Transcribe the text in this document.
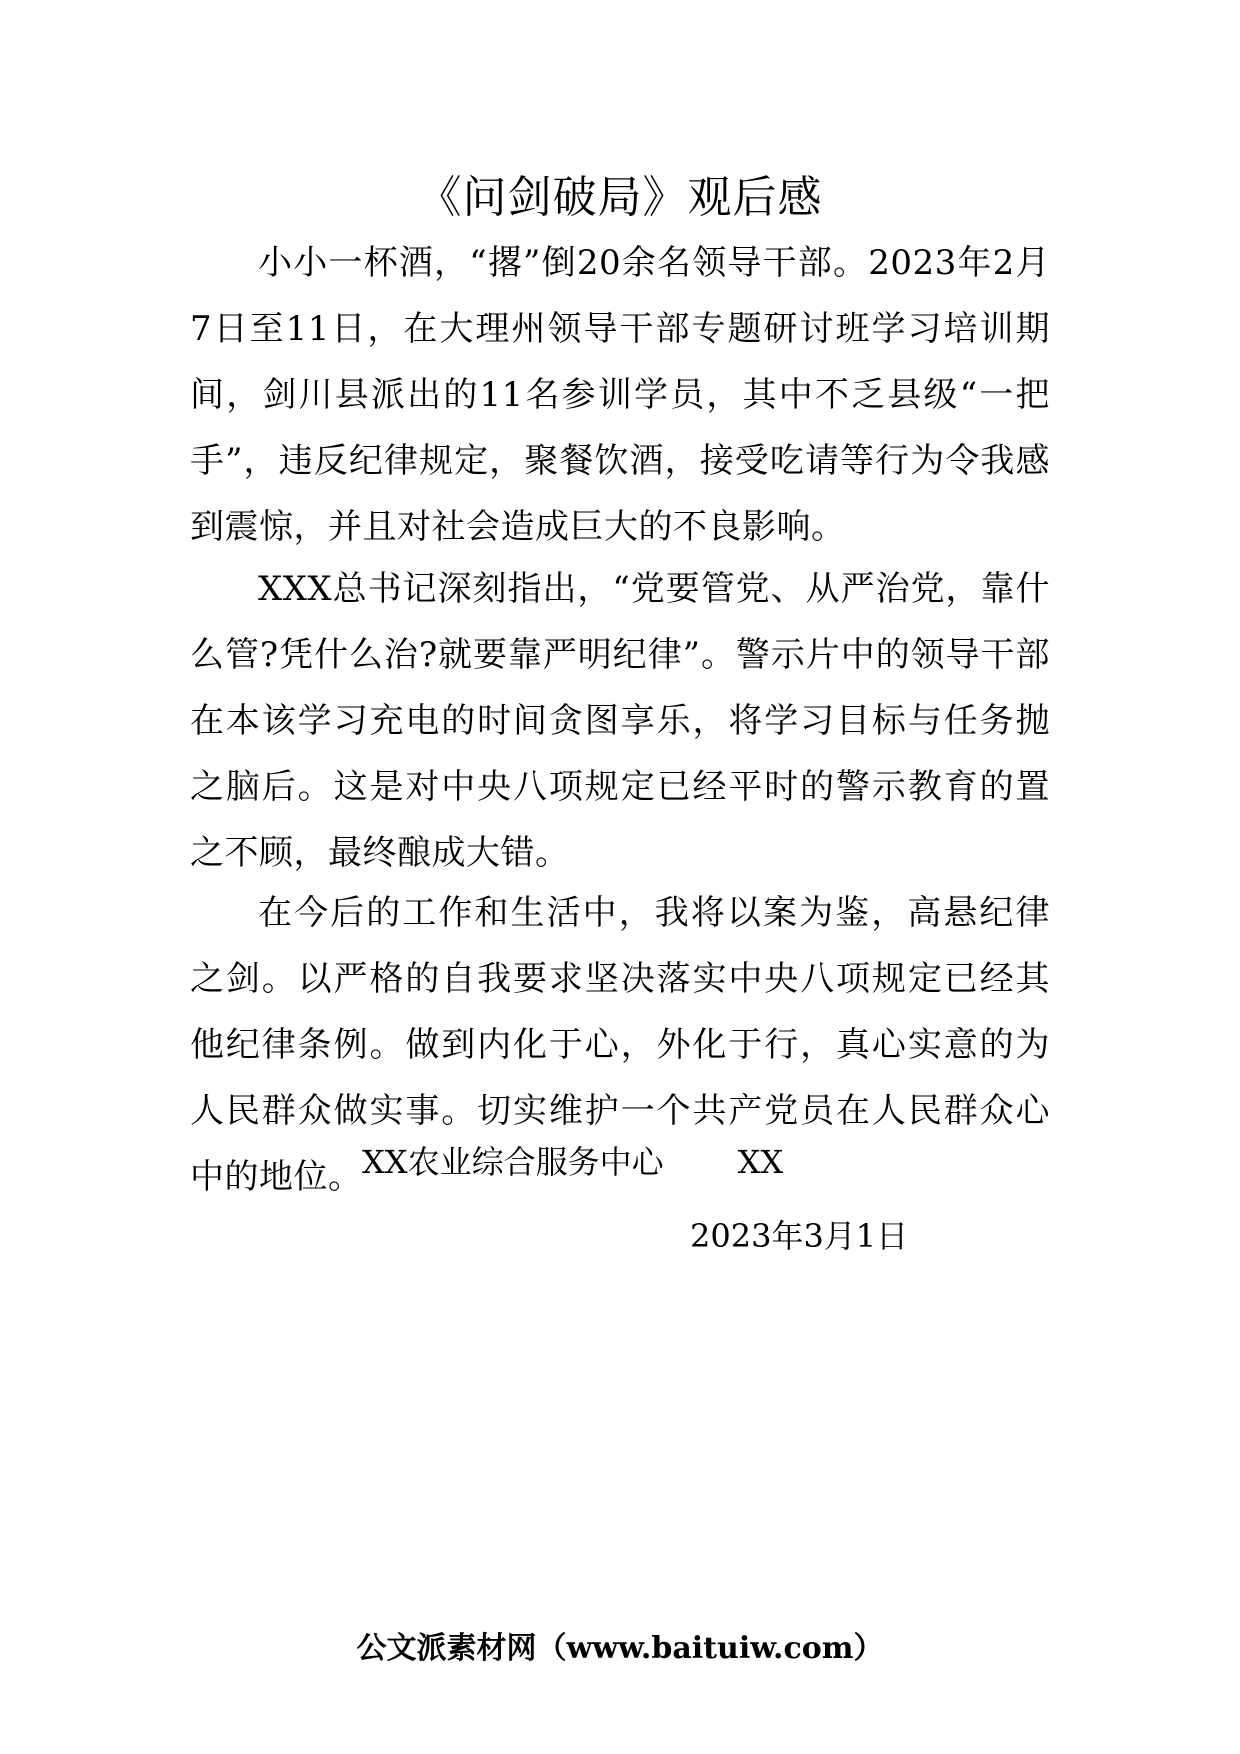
《问剑破局》观后感

小小一杯酒，“撂”倒20余名领导干部。2023年2月7日至11日，在大理州领导干部专题研讨班学习培训期间，剑川县派出的11名参训学员，其中不乏县级“一把手”，违反纪律规定，聚餐饮酒，接受吃请等行为令我感到震惊，并且对社会造成巨大的不良影响。

XXX总书记深刻指出，“党要管党、从严治党，靠什么管?凭什么治?就要靠严明纪律”。警示片中的领导干部在本该学习充电的时间贪图享乐，将学习目标与任务抛之脑后。这是对中央八项规定已经平时的警示教育的置之不顾，最终酿成大错。

在今后的工作和生活中，我将以案为鉴，高悬纪律之剑。以严格的自我要求坚决落实中央八项规定已经其他纪律条例。做到内化于心，外化于行，真心实意的为人民群众做实事。切实维护一个共产党员在人民群众心中的地位。 XX农业综合服务中心 XX
2023年3月1日
公文派素材网（www.baituiw.com）
